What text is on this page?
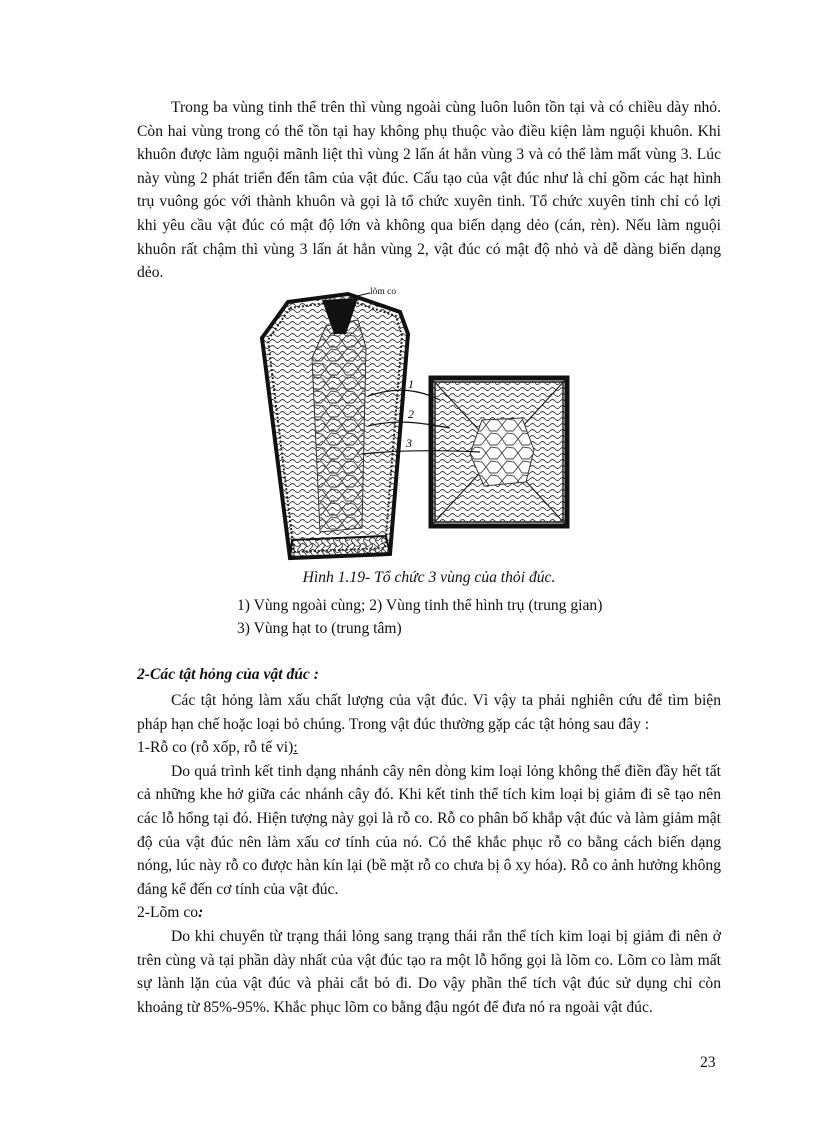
Trong ba vùng tinh thể trên thì vùng ngoài cùng luôn luôn tồn tại và có chiều dày nhỏ. Còn hai vùng trong có thể tồn tại hay không phụ thuộc vào điều kiện làm nguội khuôn. Khi khuôn được làm nguội mãnh liệt thì vùng 2 lấn át hẳn vùng 3 và có thể làm mất vùng 3. Lúc này vùng 2 phát triển đến tâm của vật đúc. Cấu tạo của vật đúc như là chỉ gồm các hạt hình trụ vuông góc với thành khuôn và gọi là tổ chức xuyên tinh. Tổ chức xuyên tinh chỉ có lợi khi yêu cầu vật đúc có mật độ lớn và không qua biến dạng dẻo (cán, rèn). Nếu làm nguội khuôn rất chậm thì vùng 3 lấn át hẳn vùng 2, vật đúc có mật độ nhỏ và dễ dàng biến dạng dẻo.

lõm co
1
2
3
Hình 1.19- Tổ chức 3 vùng của thỏi đúc.
1) Vùng ngoài cùng; 2) Vùng tinh thể hình trụ (trung gian)
3) Vùng hạt to (trung tâm)
2-Các tật hỏng của vật đúc :

Các tật hỏng làm xấu chất lượng của vật đúc. Vì vậy ta phải nghiên cứu để tìm biện pháp hạn chế hoặc loại bỏ chúng. Trong vật đúc thường gặp các tật hỏng sau đây :

1-Rỗ co (rỗ xốp, rỗ tế vi):

Do quá trình kết tinh dạng nhánh cây nên dòng kim loại lỏng không thể điền đầy hết tất cả những khe hở giữa các nhánh cây đó. Khi kết tinh thể tích kim loại bị giảm đi sẽ tạo nên các lỗ hổng tại đó. Hiện tượng này gọi là rỗ co. Rỗ co phân bố khắp vật đúc và làm giảm mật độ của vật đúc nên làm xấu cơ tính của nó. Có thể khắc phục rỗ co bằng cách biến dạng nóng, lúc này rỗ co được hàn kín lại (bề mặt rỗ co chưa bị ô xy hóa). Rỗ co ảnh hưởng không đáng kể đến cơ tính của vật đúc.

2-Lõm co:

Do khi chuyển từ trạng thái lỏng sang trạng thái rắn thể tích kim loại bị giảm đi nên ở trên cùng và tại phần dày nhất của vật đúc tạo ra một lỗ hổng gọi là lõm co. Lõm co làm mất sự lành lặn của vật đúc và phải cắt bỏ đi. Do vậy phần thể tích vật đúc sử dụng chỉ còn khoảng từ 85%-95%. Khắc phục lõm co bằng đậu ngót để đưa nó ra ngoài vật đúc.

23
